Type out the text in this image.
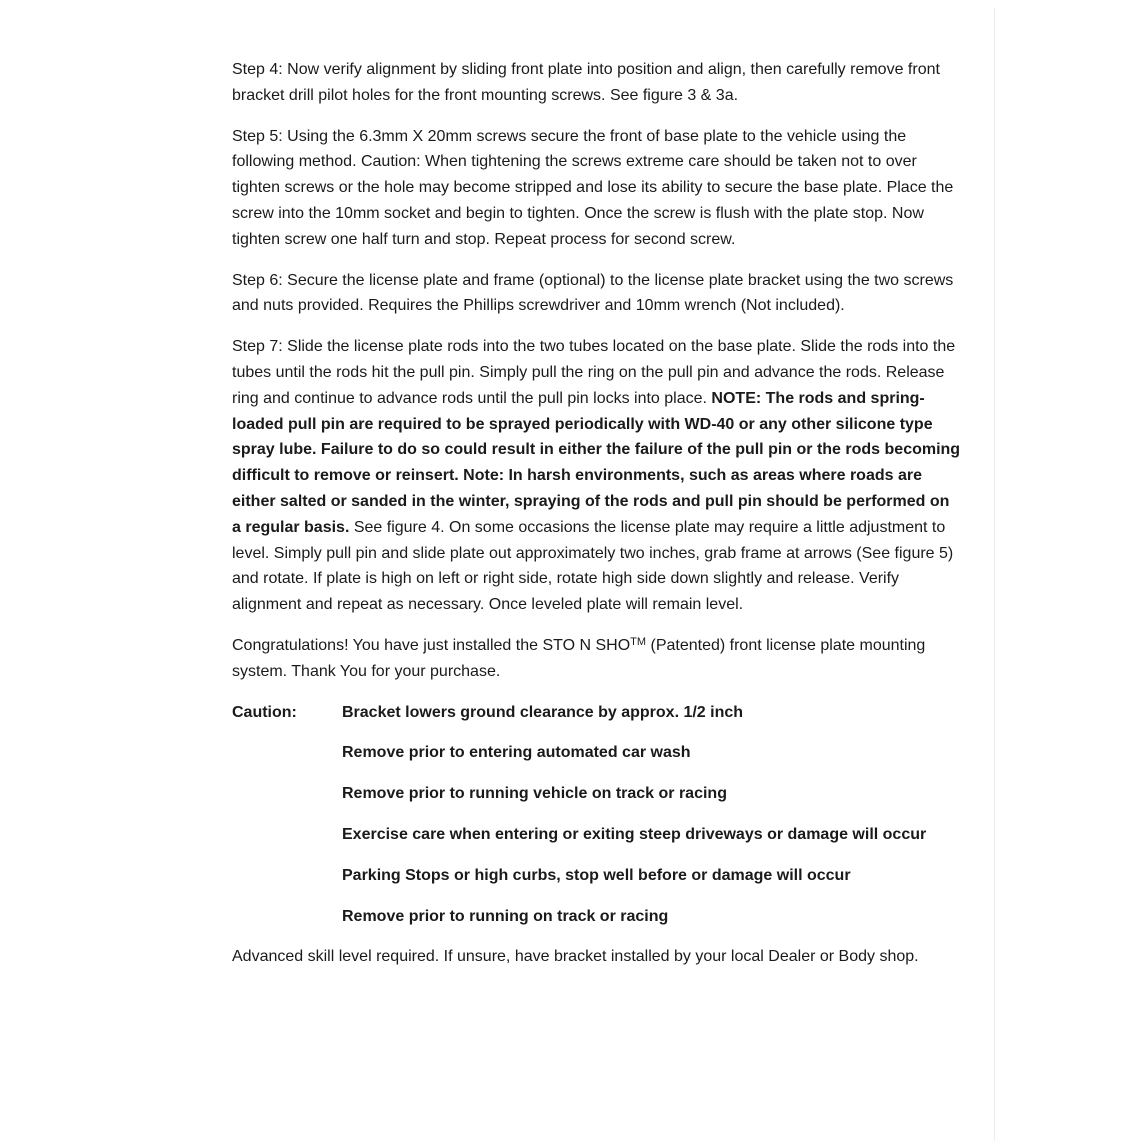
Step 4: Now verify alignment by sliding front plate into position and align, then carefully remove front bracket drill pilot holes for the front mounting screws. See figure 3 & 3a.

Step 5: Using the 6.3mm X 20mm screws secure the front of base plate to the vehicle using the following method. Caution: When tightening the screws extreme care should be taken not to over tighten screws or the hole may become stripped and lose its ability to secure the base plate. Place the screw into the 10mm socket and begin to tighten. Once the screw is flush with the plate stop. Now tighten screw one half turn and stop. Repeat process for second screw.

Step 6: Secure the license plate and frame (optional) to the license plate bracket using the two screws and nuts provided. Requires the Phillips screwdriver and 10mm wrench (Not included).

Step 7: Slide the license plate rods into the two tubes located on the base plate. Slide the rods into the tubes until the rods hit the pull pin. Simply pull the ring on the pull pin and advance the rods. Release ring and continue to advance rods until the pull pin locks into place. NOTE: The rods and spring-loaded pull pin are required to be sprayed periodically with WD-40 or any other silicone type spray lube. Failure to do so could result in either the failure of the pull pin or the rods becoming difficult to remove or reinsert. Note: In harsh environments, such as areas where roads are either salted or sanded in the winter, spraying of the rods and pull pin should be performed on a regular basis. See figure 4. On some occasions the license plate may require a little adjustment to level. Simply pull pin and slide plate out approximately two inches, grab frame at arrows (See figure 5) and rotate. If plate is high on left or right side, rotate high side down slightly and release. Verify alignment and repeat as necessary. Once leveled plate will remain level.

Congratulations! You have just installed the STO N SHO™ (Patented) front license plate mounting system. Thank You for your purchase.

Caution:	Bracket lowers ground clearance by approx. 1/2 inch
Remove prior to entering automated car wash
Remove prior to running vehicle on track or racing
Exercise care when entering or exiting steep driveways or damage will occur
Parking Stops or high curbs, stop well before or damage will occur
Remove prior to running on track or racing

Advanced skill level required. If unsure, have bracket installed by your local Dealer or Body shop.
